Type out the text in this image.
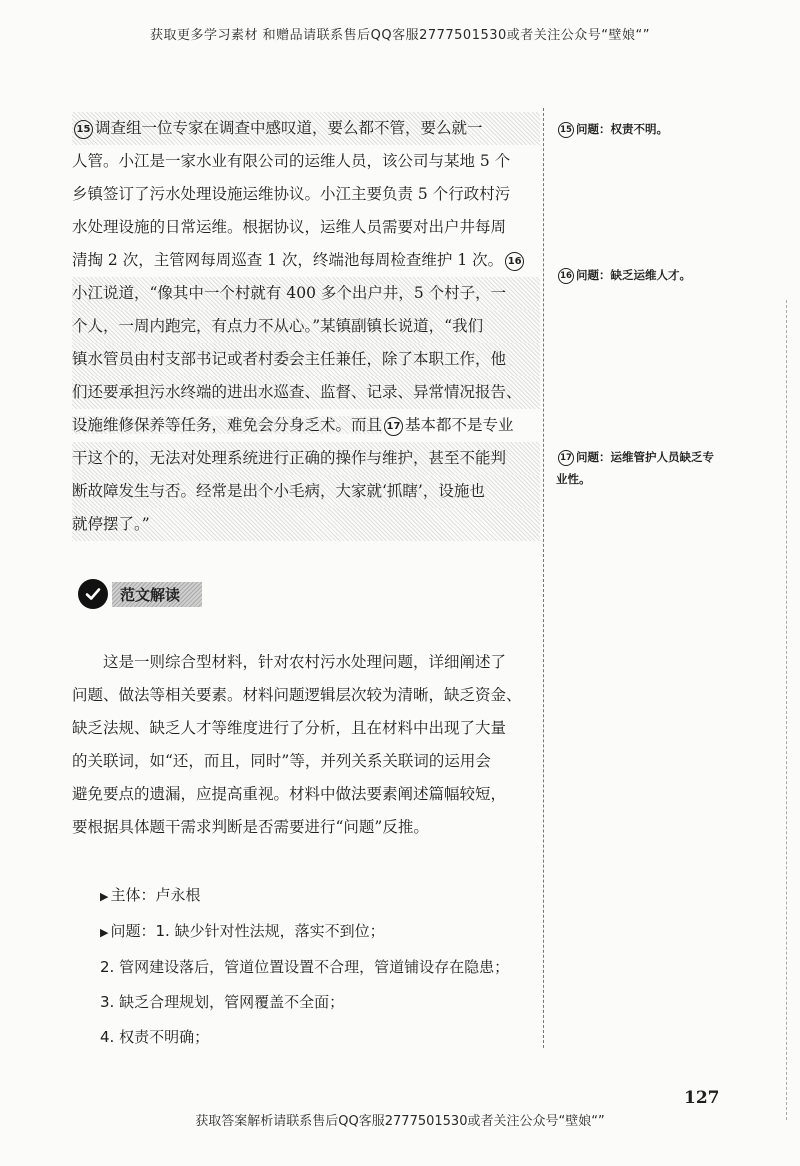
获取更多学习素材 和赠品请联系售后QQ客服2777501530或者关注公众号“壁娘“”

15 调查组一位专家在调查中感叹道，要么都不管，要么就一
人管。小江是一家水业有限公司的运维人员，该公司与某地 5 个
乡镇签订了污水处理设施运维协议。小江主要负责 5 个行政村污
水处理设施的日常运维。根据协议，运维人员需要对出户井每周
清掏 2 次，主管网每周巡查 1 次，终端池每周检查维护 1 次。 16
小江说道，“像其中一个村就有 400 多个出户井，5 个村子，一
个人，一周内跑完，有点力不从心。”某镇副镇长说道，“我们
镇水管员由村支部书记或者村委会主任兼任，除了本职工作，他
们还要承担污水终端的进出水巡查、监督、记录、异常情况报告、
设施维修保养等任务，难免会分身乏术。而且 17 基本都不是专业
干这个的，无法对处理系统进行正确的操作与维护，甚至不能判
断故障发生与否。经常是出个小毛病，大家就‘抓瞎’，设施也
就停摆了。”

15 问题：权责不明。
16 问题：缺乏运维人才。
17 问题：运维管护人员缺乏专业性。
范文解读
这是一则综合型材料，针对农村污水处理问题，详细阐述了
问题、做法等相关要素。材料问题逻辑层次较为清晰，缺乏资金、
缺乏法规、缺乏人才等维度进行了分析，且在材料中出现了大量
的关联词，如“还，而且，同时”等，并列关系关联词的运用会
避免要点的遗漏，应提高重视。材料中做法要素阐述篇幅较短，
要根据具体题干需求判断是否需要进行“问题”反推。
▶ 主体：卢永根
▶ 问题：1. 缺少针对性法规，落实不到位；
2. 管网建设落后，管道位置设置不合理，管道铺设存在隐患；
3. 缺乏合理规划，管网覆盖不全面；
4. 权责不明确；
127
获取答案解析请联系售后QQ客服2777501530或者关注公众号“壁娘“”
